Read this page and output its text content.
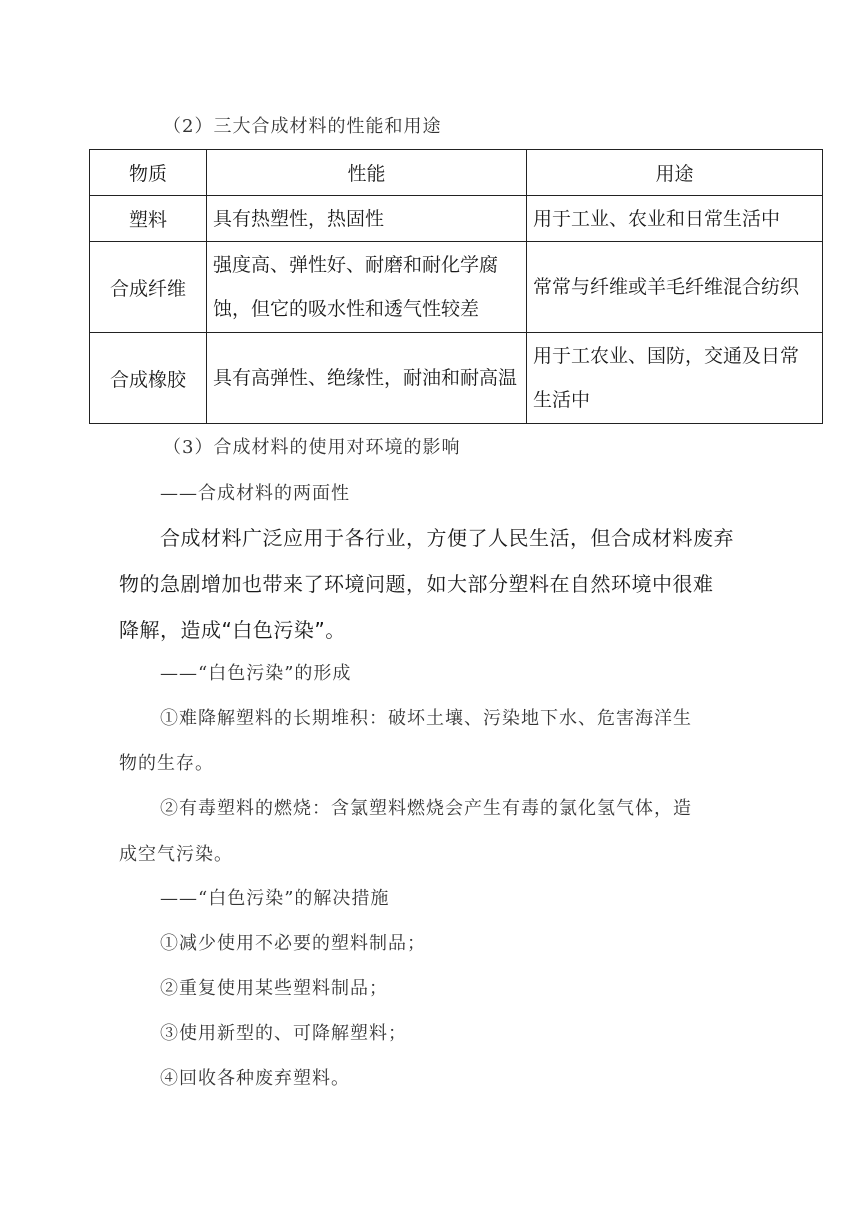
（2）三大合成材料的性能和用途
物质	性能	用途
塑料	具有热塑性，热固性	用于工业、农业和日常生活中
合成纤维	强度高、弹性好、耐磨和耐化学腐蚀，但它的吸水性和透气性较差	常常与纤维或羊毛纤维混合纺织
合成橡胶	具有高弹性、绝缘性，耐油和耐高温	用于工农业、国防，交通及日常生活中
（3）合成材料的使用对环境的影响
——合成材料的两面性
合成材料广泛应用于各行业，方便了人民生活，但合成材料废弃
物的急剧增加也带来了环境问题，如大部分塑料在自然环境中很难
降解，造成“白色污染”。
——“白色污染”的形成
①难降解塑料的长期堆积：破坏土壤、污染地下水、危害海洋生
物的生存。
②有毒塑料的燃烧：含氯塑料燃烧会产生有毒的氯化氢气体，造
成空气污染。
——“白色污染”的解决措施
①减少使用不必要的塑料制品；
②重复使用某些塑料制品；
③使用新型的、可降解塑料；
④回收各种废弃塑料。
